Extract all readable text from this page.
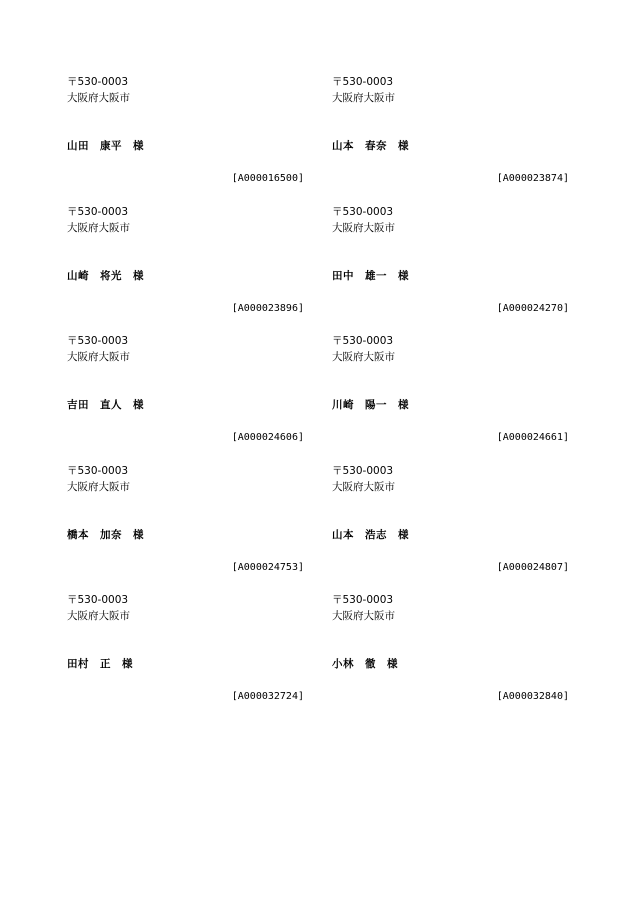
〒530-0003
大阪府大阪市
山田　康平　様
[A000016500]
〒530-0003
大阪府大阪市
山本　春奈　様
[A000023874]
〒530-0003
大阪府大阪市
山崎　将光　様
[A000023896]
〒530-0003
大阪府大阪市
田中　雄一　様
[A000024270]
〒530-0003
大阪府大阪市
吉田　直人　様
[A000024606]
〒530-0003
大阪府大阪市
川崎　陽一　様
[A000024661]
〒530-0003
大阪府大阪市
橋本　加奈　様
[A000024753]
〒530-0003
大阪府大阪市
山本　浩志　様
[A000024807]
〒530-0003
大阪府大阪市
田村　正　様
[A000032724]
〒530-0003
大阪府大阪市
小林　徹　様
[A000032840]
